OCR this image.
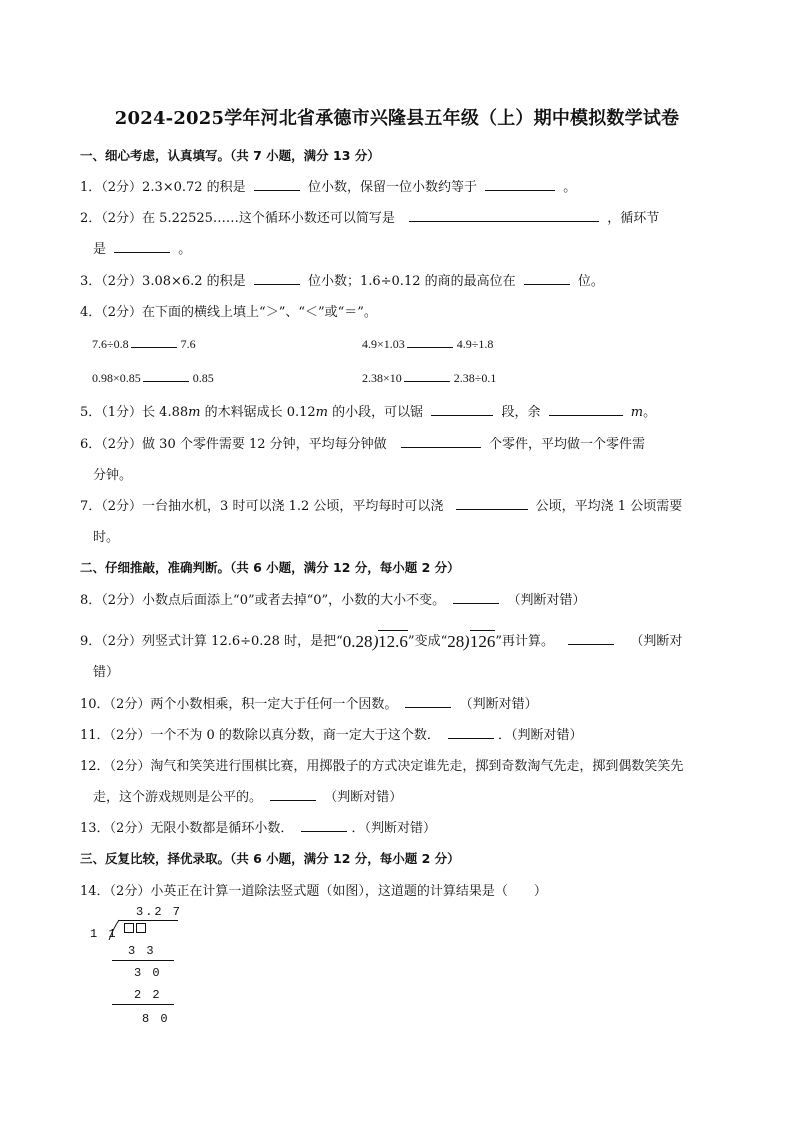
2024-2025学年河北省承德市兴隆县五年级（上）期中模拟数学试卷
一、细心考虑，认真填写。（共 7 小题，满分 13 分）
1．（2分）2.3×0.72 的积是	位小数，保留一位小数约等于	。
2．（2分）在 5.22525……这个循环小数还可以简写是	，循环节
是	。
3．（2分）3.08×6.2 的积是	位小数；1.6÷0.12 的商的最高位在	位。
4．（2分）在下面的横线上填上“＞”、“＜”或“＝”。
7.6÷0.8	7.6	4.9×1.03	4.9÷1.8
0.98×0.85	0.85	2.38×10	2.38÷0.1
5．（1分）长 4.88m 的木料锯成长 0.12m 的小段，可以锯	段，余	m。
6．（2分）做 30 个零件需要 12 分钟，平均每分钟做	个零件，平均做一个零件需
分钟。
7．（2分）一台抽水机，3 时可以浇 1.2 公顷，平均每时可以浇	公顷，平均浇 1 公顷需要
时。
二、仔细推敲，准确判断。（共 6 小题，满分 12 分，每小题 2 分）
8．（2分）小数点后面添上“0”或者去掉“0”，小数的大小不变。	（判断对错）
9．（2分）列竖式计算 12.6÷0.28 时，是把“0.28)12.6
”变成“28)126
”再计算。	（判断对
错）
10．（2分）两个小数相乘，积一定大于任何一个因数。	（判断对错）
11．（2分）一个不为 0 的数除以真分数，商一定大于这个数．	．（判断对错）
12．（2分）淘气和笑笑进行围棋比赛，用掷骰子的方式决定谁先走，掷到奇数淘气先走，掷到偶数笑笑先
走，这个游戏规则是公平的。	（判断对错）
13．（2分）无限小数都是循环小数．	．（判断对错）
三、反复比较，择优录取。（共 6 小题，满分 12 分，每小题 2 分）
14．（2分）小英正在计算一道除法竖式题（如图），这道题的计算结果是（　　）
3.2 7
1 1
3 3
3 0
2 2
8 0
